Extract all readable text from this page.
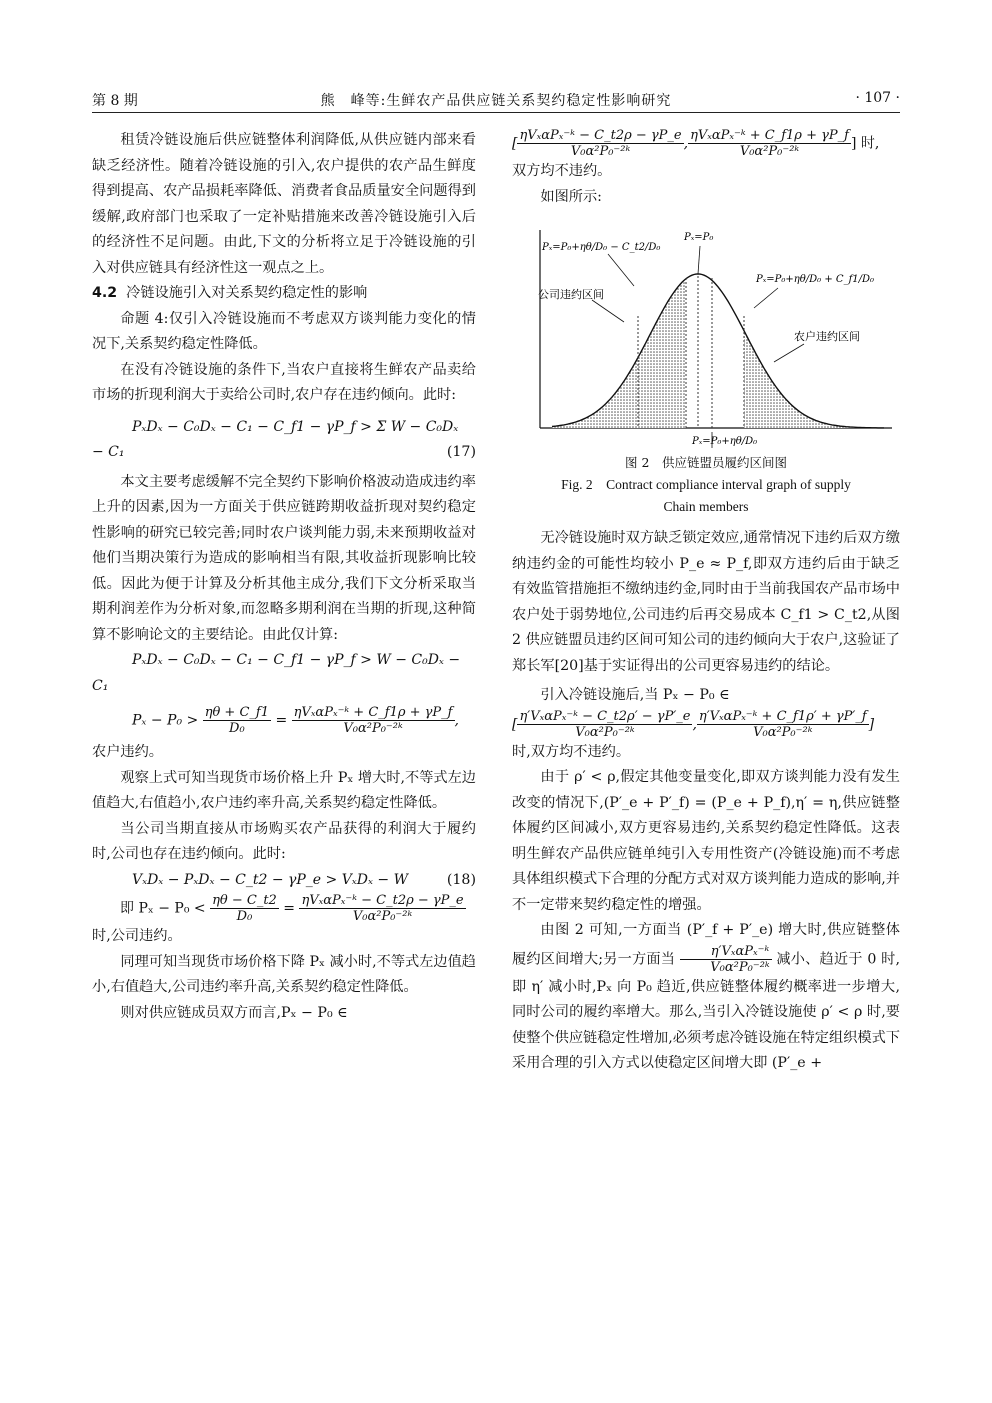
第 8 期	熊　峰等:生鲜农产品供应链关系契约稳定性影响研究	· 107 ·

租赁冷链设施后供应链整体利润降低,从供应链内部来看缺乏经济性。随着冷链设施的引入,农户提供的农产品生鲜度得到提高、农产品损耗率降低、消费者食品质量安全问题得到缓解,政府部门也采取了一定补贴措施来改善冷链设施引入后的经济性不足问题。由此,下文的分析将立足于冷链设施的引入对供应链具有经济性这一观点之上。

4.2 冷链设施引入对关系契约稳定性的影响

命题 4:仅引入冷链设施而不考虑双方谈判能力变化的情况下,关系契约稳定性降低。

在没有冷链设施的条件下,当农户直接将生鲜农产品卖给市场的折现利润大于卖给公司时,农户存在违约倾向。此时:

PₓDₓ − C₀Dₓ − C₁ − C_f1 − γP_f > Σ W − C₀Dₓ

− C₁	(17)

本文主要考虑缓解不完全契约下影响价格波动造成违约率上升的因素,因为一方面关于供应链跨期收益折现对契约稳定性影响的研究已较完善;同时农户谈判能力弱,未来预期收益对他们当期决策行为造成的影响相当有限,其收益折现影响比较低。因此为便于计算及分析其他主成分,我们下文分析采取当期利润差作为分析对象,而忽略多期利润在当期的折现,这种简算不影响论文的主要结论。由此仅计算:

PₓDₓ − C₀Dₓ − C₁ − C_f1 − γP_f > W − C₀Dₓ −

C₁

$P_x - P_0 > \frac{\eta\theta + C\_f1}{\text{D₀}} = \frac{\text{ηVₓαPₓ⁻ᵏ + C\_f1ρ + γP\_f}}{\text{V₀α²P₀⁻²ᵏ}}$ ,

农户违约。

观察上式可知当现货市场价格上升 Pₓ 增大时,不等式左边值趋大,右值趋小,农户违约率升高,关系契约稳定性降低。

当公司当期直接从市场购买农产品获得的利润大于履约时,公司也存在违约倾向。此时:

VₓDₓ − PₓDₓ − C_t2 − γP_e > VₓDₓ − W	(18)

即 $P_x - P_0 < \frac{\eta\theta - C\_t2}{\text{D₀}} = \frac{\text{ηVₓαPₓ⁻ᵏ − C\_t2ρ − γP\_e}}{\text{V₀α²P₀⁻²ᵏ}}$

时,公司违约。

同理可知当现货市场价格下降 Pₓ 减小时,不等式左边值趋小,右值趋大,公司违约率升高,关系契约稳定性降低。

则对供应链成员双方而言,Pₓ − P₀ ∈

[ $\frac{\text{ηVₓαPₓ⁻ᵏ − C\_t2ρ − γP\_e}}{\text{V₀α²P₀⁻²ᵏ}}$ , $\frac{\text{ηVₓαPₓ⁻ᵏ + C\_f1ρ + γP\_f}}{\text{V₀α²P₀⁻²ᵏ}}$ ] 时,

双方均不违约。

如图所示:

Pₓ=P₀+ηθ/D₀ − C_t2/D₀
Pₓ=P₀
Pₓ=P₀+ηθ/D₀ + C_f1/D₀
公司违约区间
农户违约区间
Pₓ=P₀+ηθ/D₀
图 2　供应链盟员履约区间图
Fig. 2　Contract compliance interval graph of supply
Chain members

无冷链设施时双方缺乏锁定效应,通常情况下违约后双方缴纳违约金的可能性均较小 P_e ≈ P_f,即双方违约后由于缺乏有效监管措施拒不缴纳违约金,同时由于当前我国农产品市场中农户处于弱势地位,公司违约后再交易成本 C_f1 > C_t2,从图 2 供应链盟员违约区间可知公司的违约倾向大于农户,这验证了郑长军[20]基于实证得出的公司更容易违约的结论。

引入冷链设施后,当 Pₓ − P₀ ∈

[ $\frac{\text{η′VₓαPₓ⁻ᵏ − C\_t2ρ′ − γP′\_e}}{\text{V₀α²P₀⁻²ᵏ}}$ , $\frac{\text{η′VₓαPₓ⁻ᵏ + C\_f1ρ′ + γP′\_f}}{\text{V₀α²P₀⁻²ᵏ}}$ ]

时,双方均不违约。

由于 ρ′ < ρ,假定其他变量变化,即双方谈判能力没有发生改变的情况下,(P′_e + P′_f) = (P_e + P_f),η′ = η,供应链整体履约区间减小,双方更容易违约,关系契约稳定性降低。这表明生鲜农产品供应链单纯引入专用性资产(冷链设施)而不考虑具体组织模式下合理的分配方式对双方谈判能力造成的影响,并不一定带来契约稳定性的增强。

由图 2 可知,一方面当 (P′_f + P′_e) 增大时,供应链整体履约区间增大;另一方面当 $\frac{\text{η′VₓαPₓ⁻ᵏ}}{\text{V₀α²P₀⁻²ᵏ}}$ 减小、趋近于 0 时,即 η′ 减小时,Pₓ 向 P₀ 趋近,供应链整体履约概率进一步增大,同时公司的履约率增大。那么,当引入冷链设施使 ρ′ < ρ 时,要使整个供应链稳定性增加,必须考虑冷链设施在特定组织模式下采用合理的引入方式以使稳定区间增大即 (P′_e +
